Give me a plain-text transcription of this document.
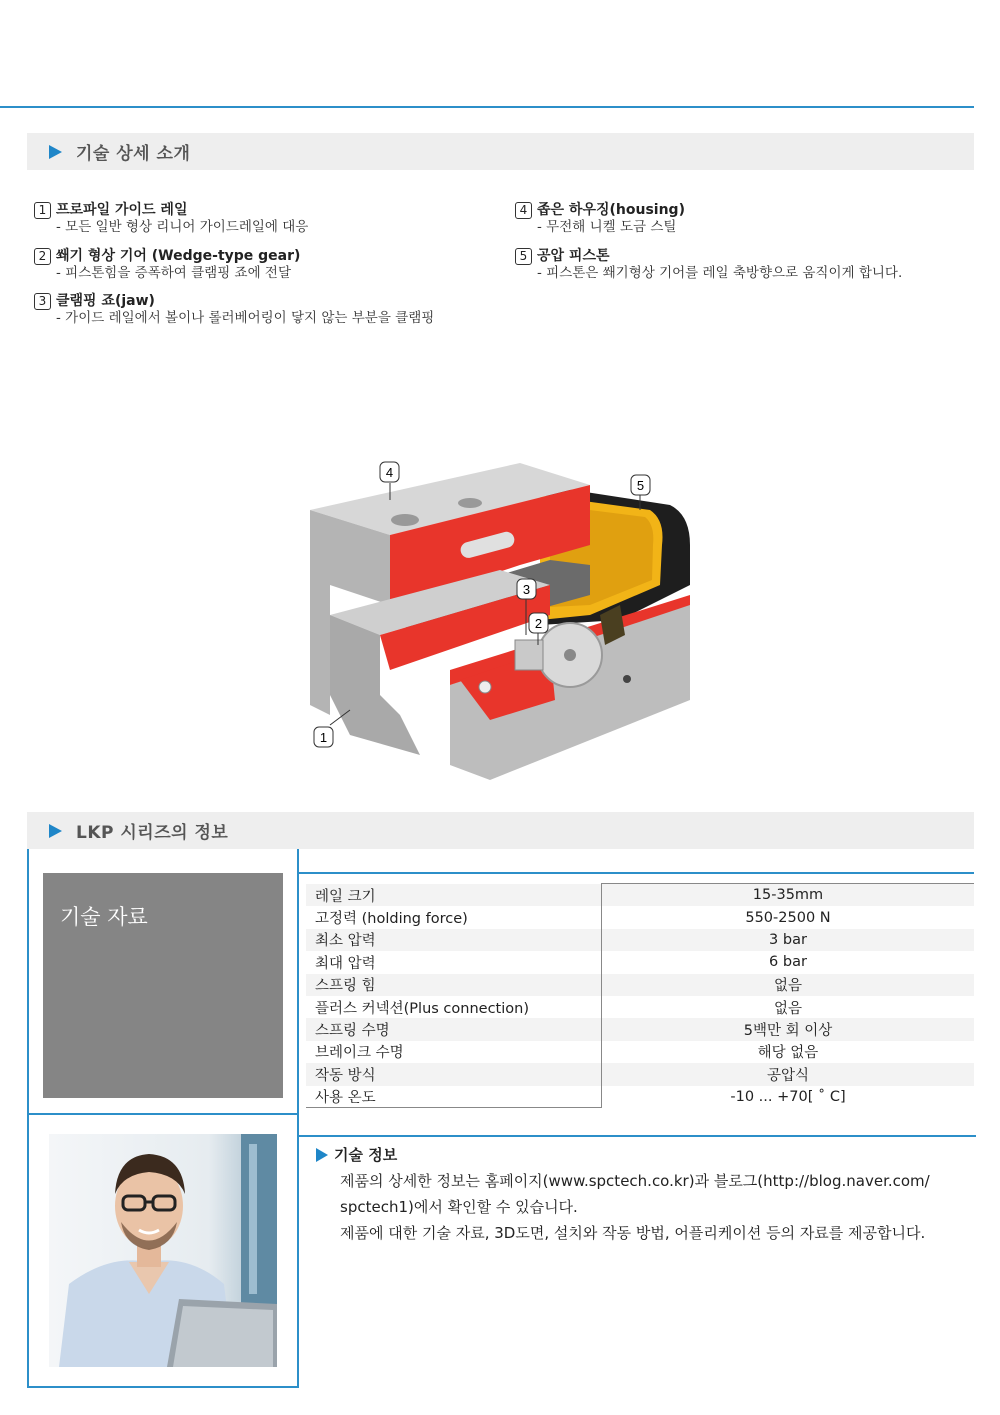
기술 상세 소개
1 프로파일 가이드 레일
- 모든 일반 형상 리니어 가이드레일에 대응
2 쐐기 형상 기어 (Wedge-type gear)
- 피스톤힘을 증폭하여 클램핑 죠에 전달
3 클램핑 죠(jaw)
- 가이드 레일에서 볼이나 롤러베어링이 닿지 않는 부분을 클램핑
4 좁은 하우징(housing)
- 무전해 니켈 도금 스틸
5 공압 피스톤
- 피스톤은 쐐기형상 기어를 레일 축방향으로 움직이게 합니다.
4
5
3
2
1
LKP 시리즈의 정보
기술 자료
레일 크기	15-35mm
고정력 (holding force)	550-2500 N
최소 압력	3 bar
최대 압력	6 bar
스프링 힘	없음
플러스 커넥션(Plus connection)	없음
스프링 수명	5백만 회 이상
브레이크 수명	해당 없음
작동 방식	공압식
사용 온도	-10 ... +70[ ˚ C]
기술 정보
제품의 상세한 정보는 홈페이지(www.spctech.co.kr)과 블로그(http://blog.naver.com/
spctech1)에서 확인할 수 있습니다.
제품에 대한 기술 자료, 3D도면, 설치와 작동 방법, 어플리케이션 등의 자료를 제공합니다.
